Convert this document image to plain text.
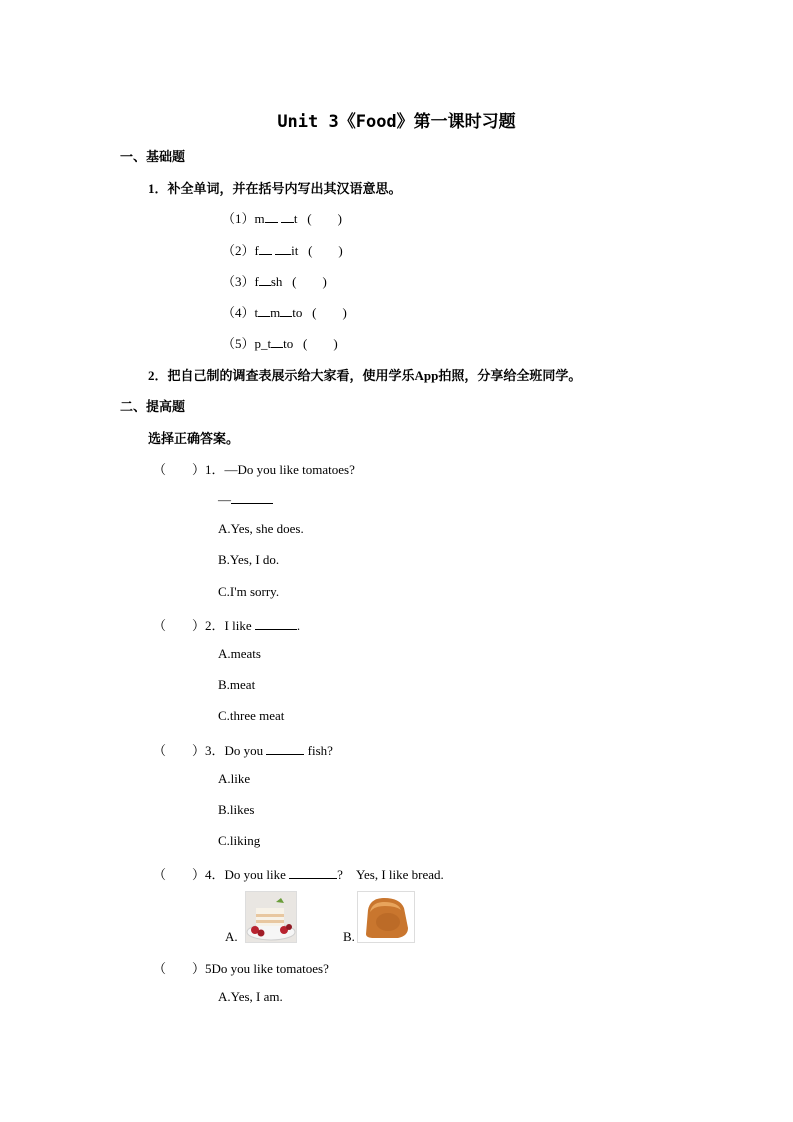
Unit 3《Food》第一课时习题
一、基础题
1．补全单词，并在括号内写出其汉语意思。
（1）m t (　　)
（2）f it (　　)
（3）f sh (　　)
（4）t m to (　　)
（5）p_t to (　　)
2．把自己制的调查表展示给大家看，使用学乐App拍照，分享给全班同学。
二、提高题
选择正确答案。
（　　）1．—Do you like tomatoes?
—
A.Yes, she does.
B.Yes, I do.
C.I'm sorry.
（　　）2．I like	.
A.meats
B.meat
C.three meat
（　　）3．Do you	fish?
A.like
B.likes
C.liking
（　　）4．Do you like	?　Yes, I like bread.
A.	B.
（　　）5Do you like tomatoes?
A.Yes, I am.
